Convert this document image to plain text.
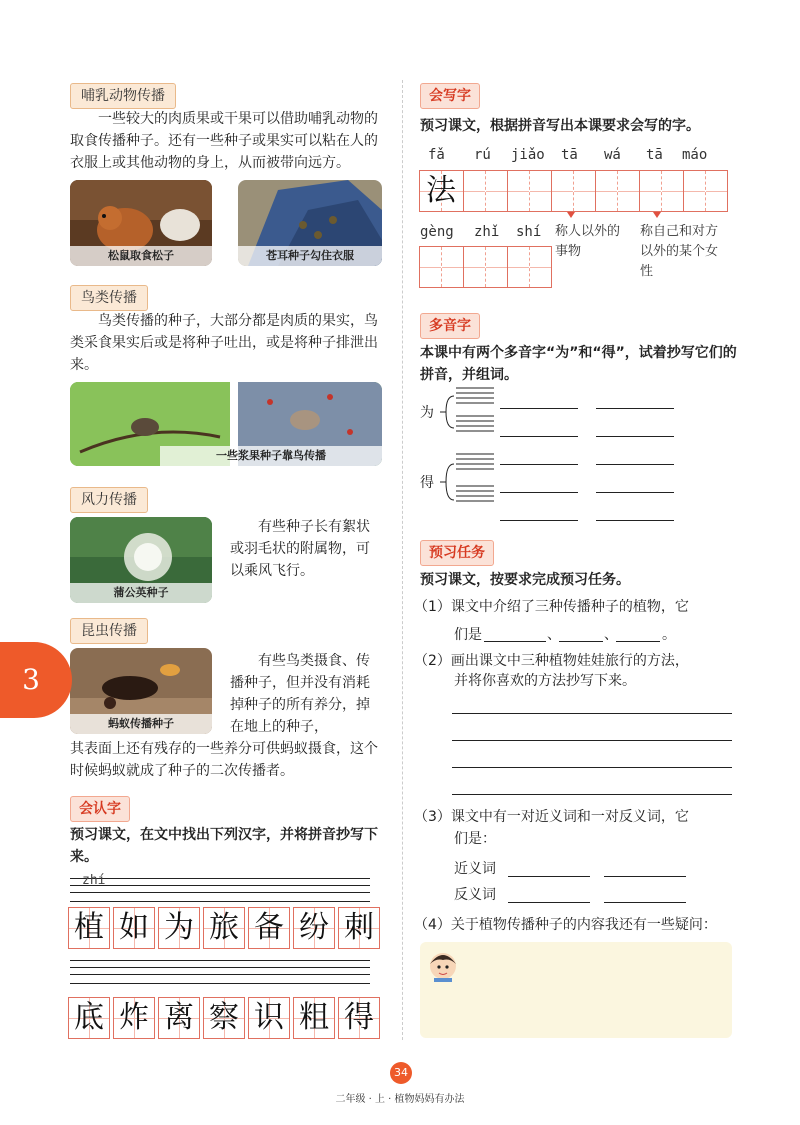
哺乳动物传播
一些较大的肉质果或干果可以借助哺乳动物的取食传播种子。还有一些种子或果实可以粘在人的衣服上或其他动物的身上，从而被带向远方。
松鼠取食松子	苍耳种子勾住衣服
鸟类传播
鸟类传播的种子，大部分都是肉质的果实，鸟类采食果实后或是将种子吐出，或是将种子排泄出来。
一些浆果种子靠鸟传播
风力传播
蒲公英种子
有些种子长有絮状或羽毛状的附属物，可以乘风飞行。
昆虫传播
蚂蚁传播种子
有些鸟类摄食、传播种子，但并没有消耗掉种子的所有养分，掉在地上的种子，
其表面上还有残存的一些养分可供蚂蚁摄食，这个时候蚂蚁就成了种子的二次传播者。
会认字
预习课文，在文中找出下列汉字，并将拼音抄写下来。
zhí
植 如 为 旅 备 纷 刺
底 炸 离 察 识 粗 得
3
会写字
预习课文，根据拼音写出本课要求会写的字。
fǎ rú jiǎo tā wá tā máo
法
gèng zhǐ shí 称人以外的事物
称自己和对方以外的某个女性
多音字
本课中有两个多音字“为”和“得”，试着抄写它们的拼音，并组词。
为
得
预习任务
预习课文，按要求完成预习任务。
（1）课文中介绍了三种传播种子的植物，它
们是	、	、	。
（2）画出课文中三种植物娃娃旅行的方法，
并将你喜欢的方法抄写下来。
（3）课文中有一对近义词和一对反义词，它
们是：
近义词
反义词
（4）关于植物传播种子的内容我还有一些疑问：
34
二年级 · 上 · 植物妈妈有办法
